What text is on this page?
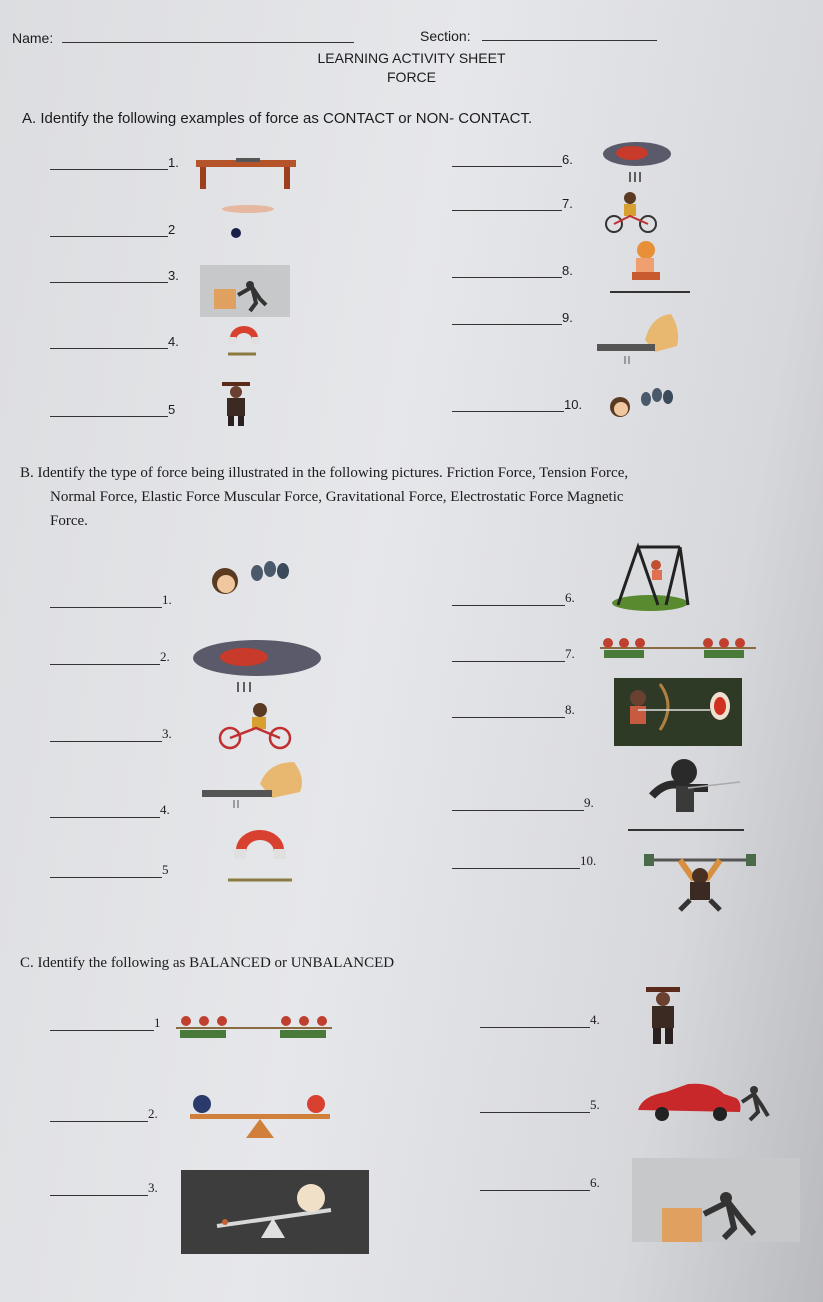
Name:	Section:
LEARNING ACTIVITY SHEET
FORCE
A. Identify the following examples of force as CONTACT or NON- CONTACT.
1.
2
3.
4.
5
6.
7.
8.
9.
10.
B. Identify the type of force being illustrated in the following pictures. Friction Force, Tension Force,
Normal Force, Elastic Force Muscular Force, Gravitational Force, Electrostatic Force Magnetic
Force.
1.
2.
3.
4.
5
6.
7.
8.
9.
10.
C. Identify the following as BALANCED or UNBALANCED
1
2.
3.
4.
5.
6.
